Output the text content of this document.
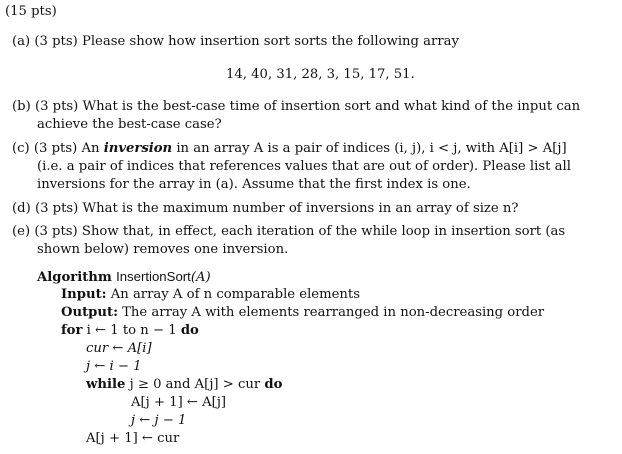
(15 pts)
(a) (3 pts) Please show how insertion sort sorts the following array
14, 40, 31, 28, 3, 15, 17, 51.
(b) (3 pts) What is the best-case time of insertion sort and what kind of the input can
achieve the best-case case?
(c) (3 pts) An inversion in an array A is a pair of indices (i, j), i < j, with A[i] > A[j]
(i.e. a pair of indices that references values that are out of order). Please list all
inversions for the array in (a). Assume that the first index is one.
(d) (3 pts) What is the maximum number of inversions in an array of size n?
(e) (3 pts) Show that, in effect, each iteration of the while loop in insertion sort (as
shown below) removes one inversion.
Algorithm InsertionSort(A)
Input: An array A of n comparable elements
Output: The array A with elements rearranged in non-decreasing order
for i ← 1 to n − 1 do
cur ← A[i]
j ← i − 1
while j ≥ 0 and A[j] > cur do
A[j + 1] ← A[j]
j ← j − 1
A[j + 1] ← cur
